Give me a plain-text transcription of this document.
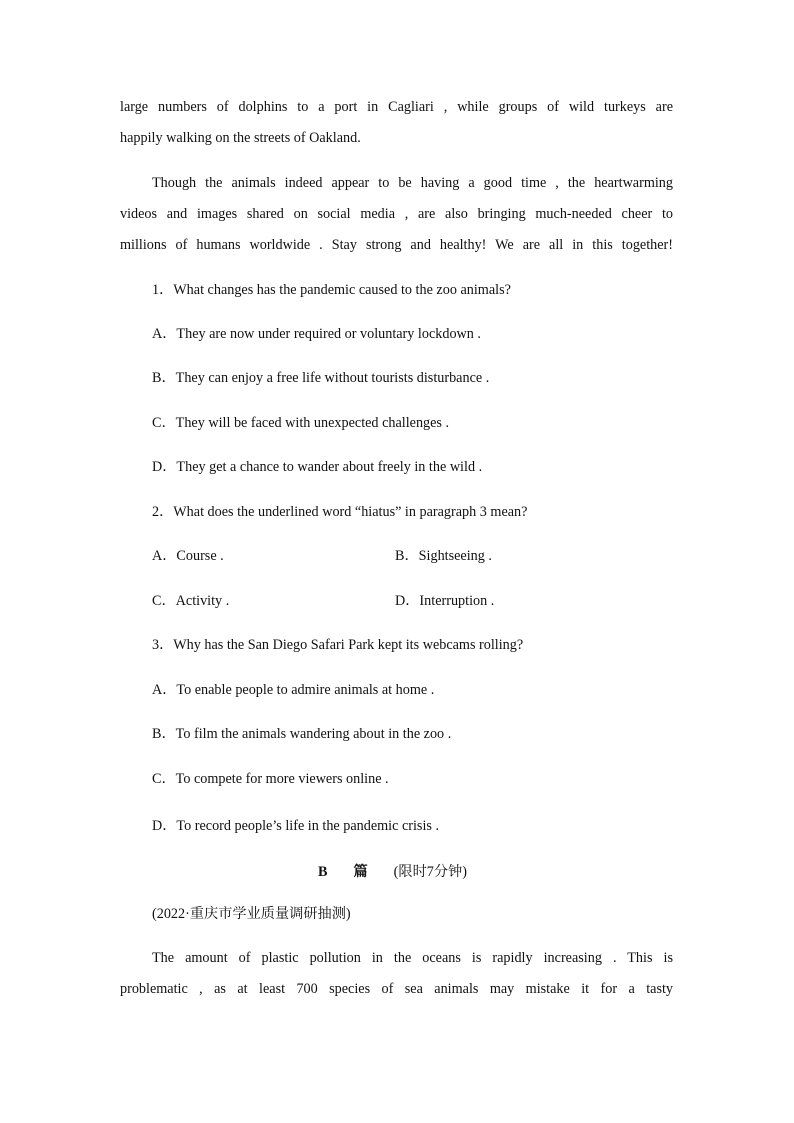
large numbers of dolphins to a port in Cagliari , while groups of wild turkeys are
happily walking on the streets of Oakland.
Though the animals indeed appear to be having a good time , the heartwarming
videos and images shared on social media , are also bringing much-needed cheer to
millions of humans worldwide . Stay strong and healthy! We are all in this together!
1．What changes has the pandemic caused to the zoo animals?
A．They are now under required or voluntary lockdown .
B．They can enjoy a free life without tourists disturbance .
C．They will be faced with unexpected challenges .
D．They get a chance to wander about freely in the wild .
2．What does the underlined word “hiatus” in paragraph 3 mean?
A．Course .	B．Sightseeing .
C．Activity .	D．Interruption .
3．Why has the San Diego Safari Park kept its webcams rolling?
A．To enable people to admire animals at home .
B．To film the animals wandering about in the zoo .
C．To compete for more viewers online .
D．To record people’s life in the pandemic crisis .
B 篇 (限时7分钟)
(2022·重庆市学业质量调研抽测)
The amount of plastic pollution in the oceans is rapidly increasing . This is
problematic , as at least 700 species of sea animals may mistake it for a tasty
